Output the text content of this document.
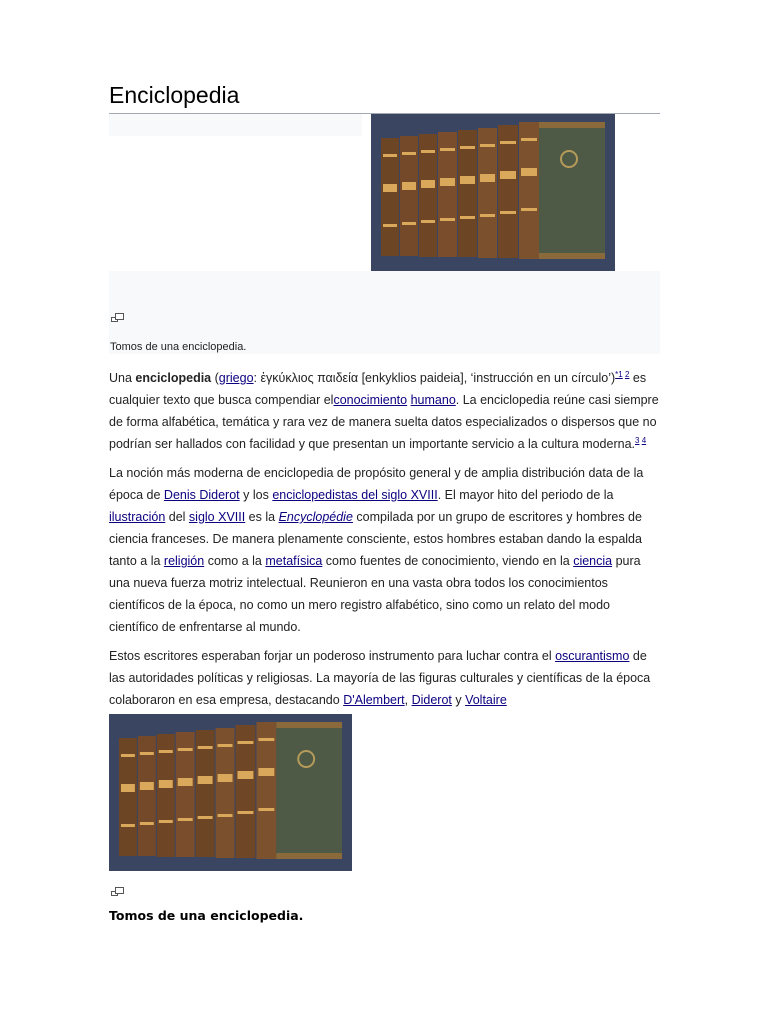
Enciclopedia
Tomos de una enciclopedia.

Una enciclopedia (griego: ἐγκύκλιος παιδεία [enkyklios paideia], ‘instrucción en un círculo’)$^{*1 2}$ es cualquier texto que busca compendiar elconocimiento humano. La enciclopedia reúne casi siempre de forma alfabética, temática y rara vez de manera suelta datos especializados o dispersos que no podrían ser hallados con facilidad y que presentan un importante servicio a la cultura moderna.$^{3 4}$

La noción más moderna de enciclopedia de propósito general y de amplia distribución data de la época de Denis Diderot y los enciclopedistas del siglo XVIII. El mayor hito del periodo de la ilustración del siglo XVIII es la Encyclopédie compilada por un grupo de escritores y hombres de ciencia franceses. De manera plenamente consciente, estos hombres estaban dando la espalda tanto a la religión como a la metafísica como fuentes de conocimiento, viendo en la ciencia pura una nueva fuerza motriz intelectual. Reunieron en una vasta obra todos los conocimientos científicos de la época, no como un mero registro alfabético, sino como un relato del modo científico de enfrentarse al mundo.

Estos escritores esperaban forjar un poderoso instrumento para luchar contra el oscurantismo de las autoridades políticas y religiosas. La mayoría de las figuras culturales y científicas de la época colaboraron en esa empresa, destacando D'Alembert, Diderot y Voltaire

Tomos de una enciclopedia.
